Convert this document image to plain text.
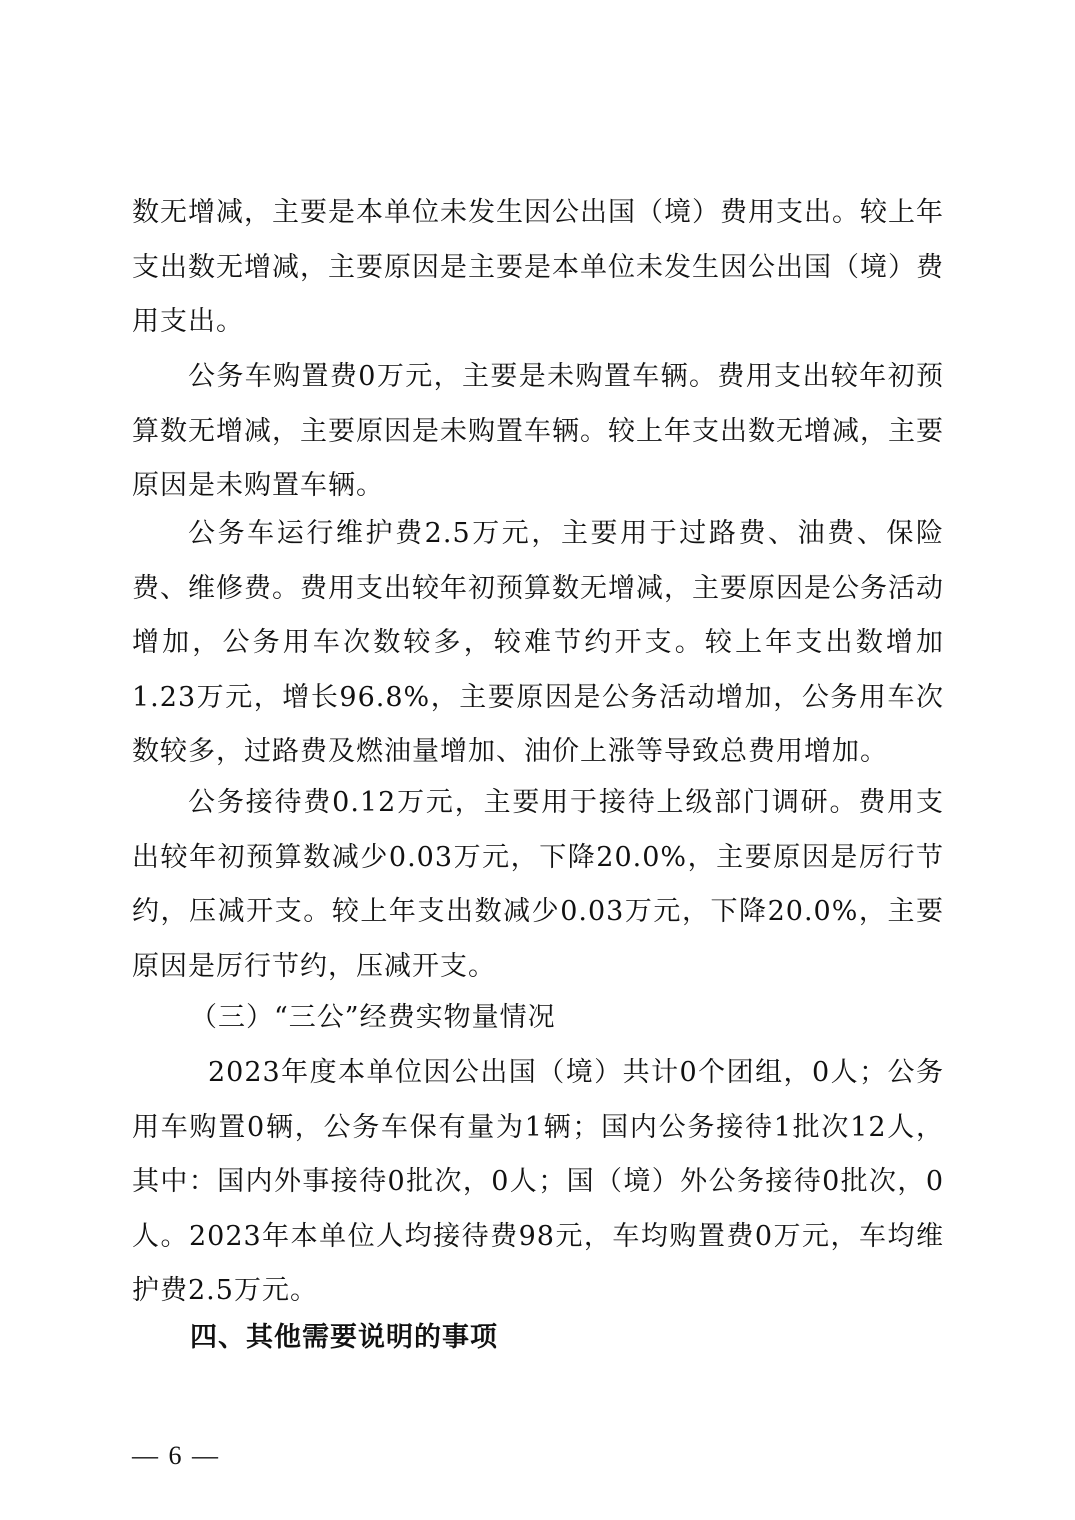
数无增减，主要是本单位未发生因公出国（境）费用支出。较上年支出数无增减，主要原因是主要是本单位未发生因公出国（境）费用支出。

公务车购置费0万元，主要是未购置车辆。费用支出较年初预算数无增减，主要原因是未购置车辆。较上年支出数无增减，主要原因是未购置车辆。

公务车运行维护费2.5万元，主要用于过路费、油费、保险费、维修费。费用支出较年初预算数无增减，主要原因是公务活动增加，公务用车次数较多，较难节约开支。较上年支出数增加1.23万元，增长96.8%，主要原因是公务活动增加，公务用车次数较多，过路费及燃油量增加、油价上涨等导致总费用增加。

公务接待费0.12万元，主要用于接待上级部门调研。费用支出较年初预算数减少0.03万元，下降20.0%，主要原因是厉行节约，压减开支。较上年支出数减少0.03万元，下降20.0%，主要原因是厉行节约，压减开支。

（三）“三公”经费实物量情况

2023年度本单位因公出国（境）共计0个团组，0人；公务用车购置0辆，公务车保有量为1辆；国内公务接待1批次12人，其中：国内外事接待0批次，0人；国（境）外公务接待0批次，0人。2023年本单位人均接待费98元，车均购置费0万元，车均维护费2.5万元。

四、其他需要说明的事项

— 6 —
